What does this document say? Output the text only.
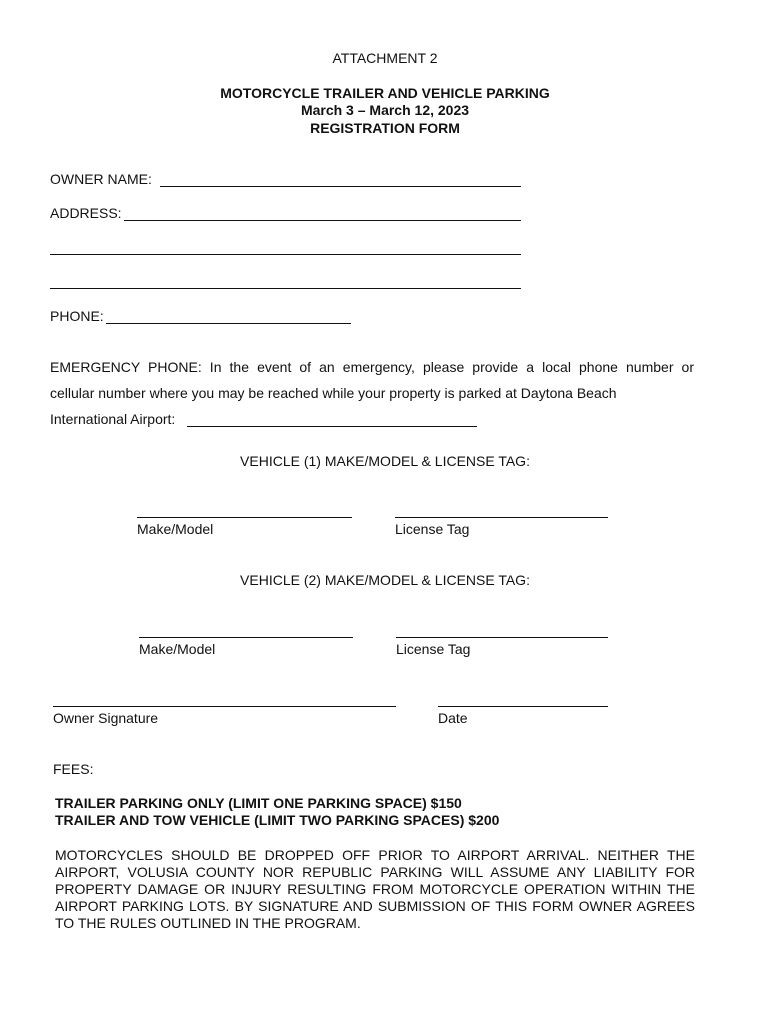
ATTACHMENT 2
MOTORCYCLE TRAILER AND VEHICLE PARKING
March 3 – March 12, 2023
REGISTRATION FORM
OWNER NAME:
ADDRESS:
PHONE:
EMERGENCY PHONE: In the event of an emergency, please provide a local phone number or
cellular number where you may be reached while your property is parked at Daytona Beach
International Airport:
VEHICLE (1) MAKE/MODEL & LICENSE TAG:
Make/Model	License Tag
VEHICLE (2) MAKE/MODEL & LICENSE TAG:
Make/Model	License Tag
Owner Signature	Date
FEES:
TRAILER PARKING ONLY (LIMIT ONE PARKING SPACE) $150
TRAILER AND TOW VEHICLE (LIMIT TWO PARKING SPACES) $200
MOTORCYCLES SHOULD BE DROPPED OFF PRIOR TO AIRPORT ARRIVAL. NEITHER THE AIRPORT, VOLUSIA COUNTY NOR REPUBLIC PARKING WILL ASSUME ANY LIABILITY FOR PROPERTY DAMAGE OR INJURY RESULTING FROM MOTORCYCLE OPERATION WITHIN THE AIRPORT PARKING LOTS. BY SIGNATURE AND SUBMISSION OF THIS FORM OWNER AGREES TO THE RULES OUTLINED IN THE PROGRAM.
